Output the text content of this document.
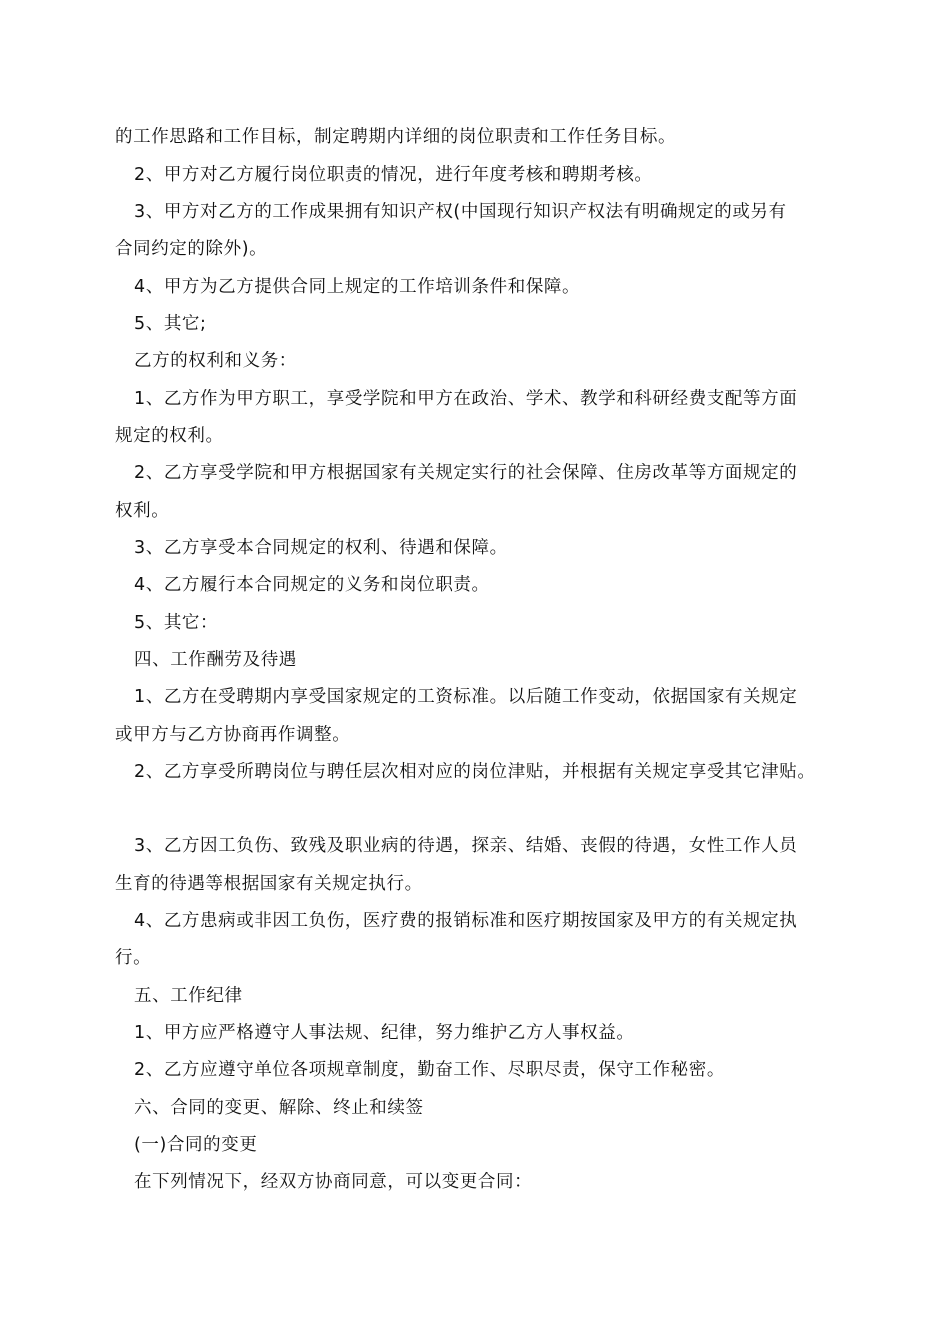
的工作思路和工作目标，制定聘期内详细的岗位职责和工作任务目标。
2、甲方对乙方履行岗位职责的情况，进行年度考核和聘期考核。
3、甲方对乙方的工作成果拥有知识产权(中国现行知识产权法有明确规定的或另有
合同约定的除外)。
4、甲方为乙方提供合同上规定的工作培训条件和保障。
5、其它;
乙方的权利和义务：
1、乙方作为甲方职工，享受学院和甲方在政治、学术、教学和科研经费支配等方面
规定的权利。
2、乙方享受学院和甲方根据国家有关规定实行的社会保障、住房改革等方面规定的
权利。
3、乙方享受本合同规定的权利、待遇和保障。
4、乙方履行本合同规定的义务和岗位职责。
5、其它：
四、工作酬劳及待遇
1、乙方在受聘期内享受国家规定的工资标准。以后随工作变动，依据国家有关规定
或甲方与乙方协商再作调整。
2、乙方享受所聘岗位与聘任层次相对应的岗位津贴，并根据有关规定享受其它津贴。
3、乙方因工负伤、致残及职业病的待遇，探亲、结婚、丧假的待遇，女性工作人员
生育的待遇等根据国家有关规定执行。
4、乙方患病或非因工负伤，医疗费的报销标准和医疗期按国家及甲方的有关规定执
行。
五、工作纪律
1、甲方应严格遵守人事法规、纪律，努力维护乙方人事权益。
2、乙方应遵守单位各项规章制度，勤奋工作、尽职尽责，保守工作秘密。
六、合同的变更、解除、终止和续签
(一)合同的变更
在下列情况下，经双方协商同意，可以变更合同：
